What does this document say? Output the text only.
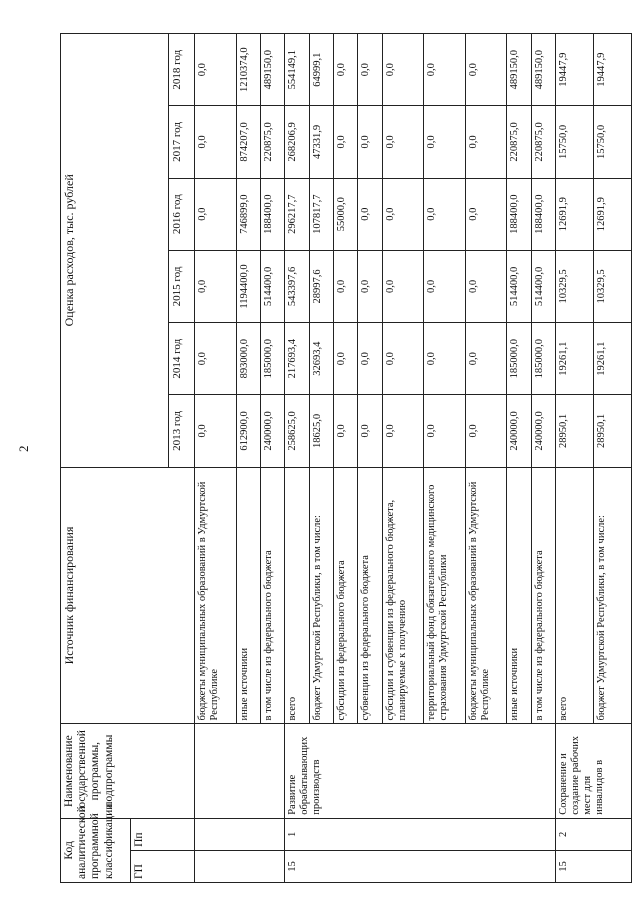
2
Код аналитической программной классификации		Наименование государственной программы, подпрограммы	Источник финансирования	Оценка расходов, тыс. рублей					
ГП	Пп								
				2013 год	2014 год	2015 год	2016 год	2017 год	2018 год
			бюджеты муниципальных образований в Удмуртской Республике	0,0	0,0	0,0	0,0	0,0	0,0
			иные источники	612900,0	893000,0	1194400,0	746899,0	874207,0	1210374,0
			в том числе из федерального бюджета	240000,0	185000,0	514400,0	188400,0	220875,0	489150,0
15	1	Развитие обрабатывающих производств	всего	258625,0	217693,4	543397,6	296217,7	268206,9	554149,1
			бюджет Удмуртской Республики, в том числе:	18625,0	32693,4	28997,6	107817,7	47331,9	64999,1
			субсидии из федерального бюджета	0,0	0,0	0,0	55000,0	0,0	0,0
			субвенции из федерального бюджета	0,0	0,0	0,0	0,0	0,0	0,0
			субсидии и субвенции из федерального бюджета, планируемые к получению	0,0	0,0	0,0	0,0	0,0	0,0
			территориальный фонд обязательного медицинского страхования Удмуртской Республики	0,0	0,0	0,0	0,0	0,0	0,0
			бюджеты муниципальных образований в Удмуртской Республике	0,0	0,0	0,0	0,0	0,0	0,0
			иные источники	240000,0	185000,0	514400,0	188400,0	220875,0	489150,0
			в том числе из федерального бюджета	240000,0	185000,0	514400,0	188400,0	220875,0	489150,0
15	2	Сохранение и создание рабочих мест для инвалидов в	всего	28950,1	19261,1	10329,5	12691,9	15750,0	19447,9
			бюджет Удмуртской Республики, в том числе:	28950,1	19261,1	10329,5	12691,9	15750,0	19447,9
